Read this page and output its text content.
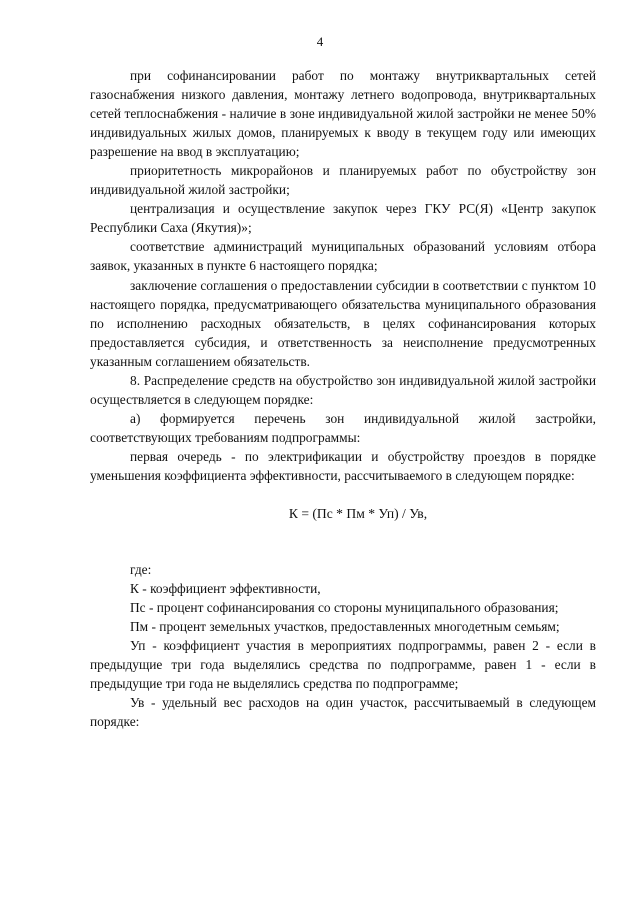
4

при софинансировании работ по монтажу внутриквартальных сетей газоснабжения низкого давления, монтажу летнего водопровода, внутриквартальных сетей теплоснабжения - наличие в зоне индивидуальной жилой застройки не менее 50% индивидуальных жилых домов, планируемых к вводу в текущем году или имеющих разрешение на ввод в эксплуатацию;

приоритетность микрорайонов и планируемых работ по обустройству зон индивидуальной жилой застройки;

централизация и осуществление закупок через ГКУ РС(Я) «Центр закупок Республики Саха (Якутия)»;

соответствие администраций муниципальных образований условиям отбора заявок, указанных в пункте 6 настоящего порядка;

заключение соглашения о предоставлении субсидии в соответствии с пунктом 10 настоящего порядка, предусматривающего обязательства муниципального образования по исполнению расходных обязательств, в целях софинансирования которых предоставляется субсидия, и ответственность за неисполнение предусмотренных указанным соглашением обязательств.

8. Распределение средств на обустройство зон индивидуальной жилой застройки осуществляется в следующем порядке:

а) формируется перечень зон индивидуальной жилой застройки, соответствующих требованиям подпрограммы:

первая очередь - по электрификации и обустройству проездов в порядке уменьшения коэффициента эффективности, рассчитываемого в следующем порядке:

К = (Пс * Пм * Уп) / Ув,

где:

К - коэффициент эффективности,

Пс - процент софинансирования со стороны муниципального образования;

Пм - процент земельных участков, предоставленных многодетным семьям;

Уп - коэффициент участия в мероприятиях подпрограммы, равен 2 - если в предыдущие три года выделялись средства по подпрограмме, равен 1 - если в предыдущие три года не выделялись средства по подпрограмме;

Ув - удельный вес расходов на один участок, рассчитываемый в следующем порядке:
